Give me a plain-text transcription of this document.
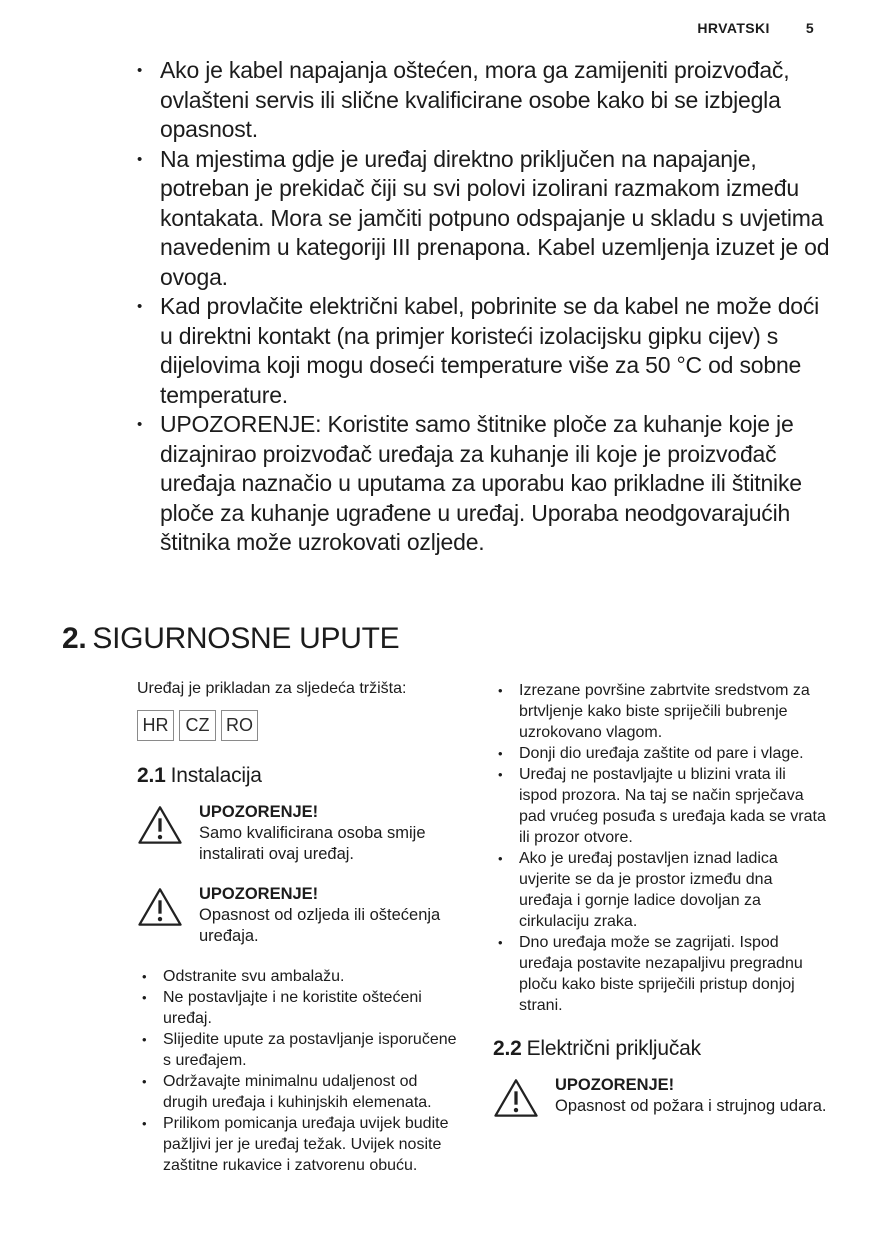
HRVATSKI	5
• Ako je kabel napajanja oštećen, mora ga zamijeniti proizvođač, ovlašteni servis ili slične kvalificirane osobe kako bi se izbjegla opasnost.
• Na mjestima gdje je uređaj direktno priključen na napajanje, potreban je prekidač čiji su svi polovi izolirani razmakom između kontakata. Mora se jamčiti potpuno odspajanje u skladu s uvjetima navedenim u kategoriji III prenapona. Kabel uzemljenja izuzet je od ovoga.
• Kad provlačite električni kabel, pobrinite se da kabel ne može doći u direktni kontakt (na primjer koristeći izolacijsku gipku cijev) s dijelovima koji mogu doseći temperature više za 50 °C od sobne temperature.
• UPOZORENJE: Koristite samo štitnike ploče za kuhanje koje je dizajnirao proizvođač uređaja za kuhanje ili koje je proizvođač uređaja naznačio u uputama za uporabu kao prikladne ili štitnike ploče za kuhanje ugrađene u uređaj. Uporaba neodgovarajućih štitnika može uzrokovati ozljede.
2. SIGURNOSNE UPUTE

Uređaj je prikladan za sljedeća tržišta:

HR CZ RO
2.1 Instalacija
UPOZORENJE!
Samo kvalificirana osoba smije instalirati ovaj uređaj.
UPOZORENJE!
Opasnost od ozljeda ili oštećenja uređaja.
• Odstranite svu ambalažu.
• Ne postavljajte i ne koristite oštećeni uređaj.
• Slijedite upute za postavljanje isporučene s uređajem.
• Održavajte minimalnu udaljenost od drugih uređaja i kuhinjskih elemenata.
• Prilikom pomicanja uređaja uvijek budite pažljivi jer je uređaj težak. Uvijek nosite zaštitne rukavice i zatvorenu obuću.
• Izrezane površine zabrtvite sredstvom za brtvljenje kako biste spriječili bubrenje uzrokovano vlagom.
• Donji dio uređaja zaštite od pare i vlage.
• Uređaj ne postavljajte u blizini vrata ili ispod prozora. Na taj se način sprječava pad vrućeg posuđa s uređaja kada se vrata ili prozor otvore.
• Ako je uređaj postavljen iznad ladica uvjerite se da je prostor između dna uređaja i gornje ladice dovoljan za cirkulaciju zraka.
• Dno uređaja može se zagrijati. Ispod uređaja postavite nezapaljivu pregradnu ploču kako biste spriječili pristup donjoj strani.
2.2 Električni priključak
UPOZORENJE!
Opasnost od požara i strujnog udara.
